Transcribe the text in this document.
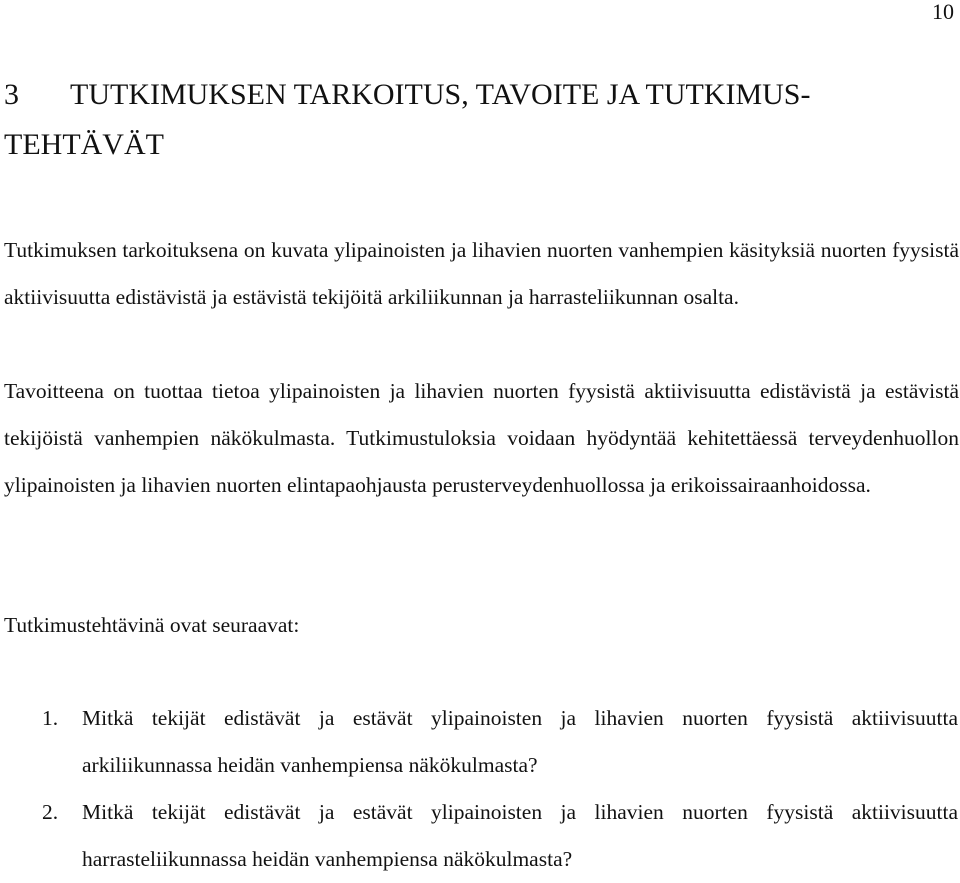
10
3 TUTKIMUKSEN TARKOITUS, TAVOITE JA TUTKIMUS-TEHTÄVÄT

Tutkimuksen tarkoituksena on kuvata ylipainoisten ja lihavien nuorten vanhempien käsityksiä nuorten fyysistä aktiivisuutta edistävistä ja estävistä tekijöitä arkiliikunnan ja harrasteliikunnan osalta.

Tavoitteena on tuottaa tietoa ylipainoisten ja lihavien nuorten fyysistä aktiivisuutta edistävistä ja estävistä tekijöistä vanhempien näkökulmasta. Tutkimustuloksia voidaan hyödyntää kehitettäessä terveydenhuollon ylipainoisten ja lihavien nuorten elintapaohjausta perusterveydenhuollossa ja erikoissairaanhoidossa.

Tutkimustehtävinä ovat seuraavat:

1. Mitkä tekijät edistävät ja estävät ylipainoisten ja lihavien nuorten fyysistä aktiivisuutta arkiliikunnassa heidän vanhempiensa näkökulmasta?
2. Mitkä tekijät edistävät ja estävät ylipainoisten ja lihavien nuorten fyysistä aktiivisuutta harrasteliikunnassa heidän vanhempiensa näkökulmasta?
